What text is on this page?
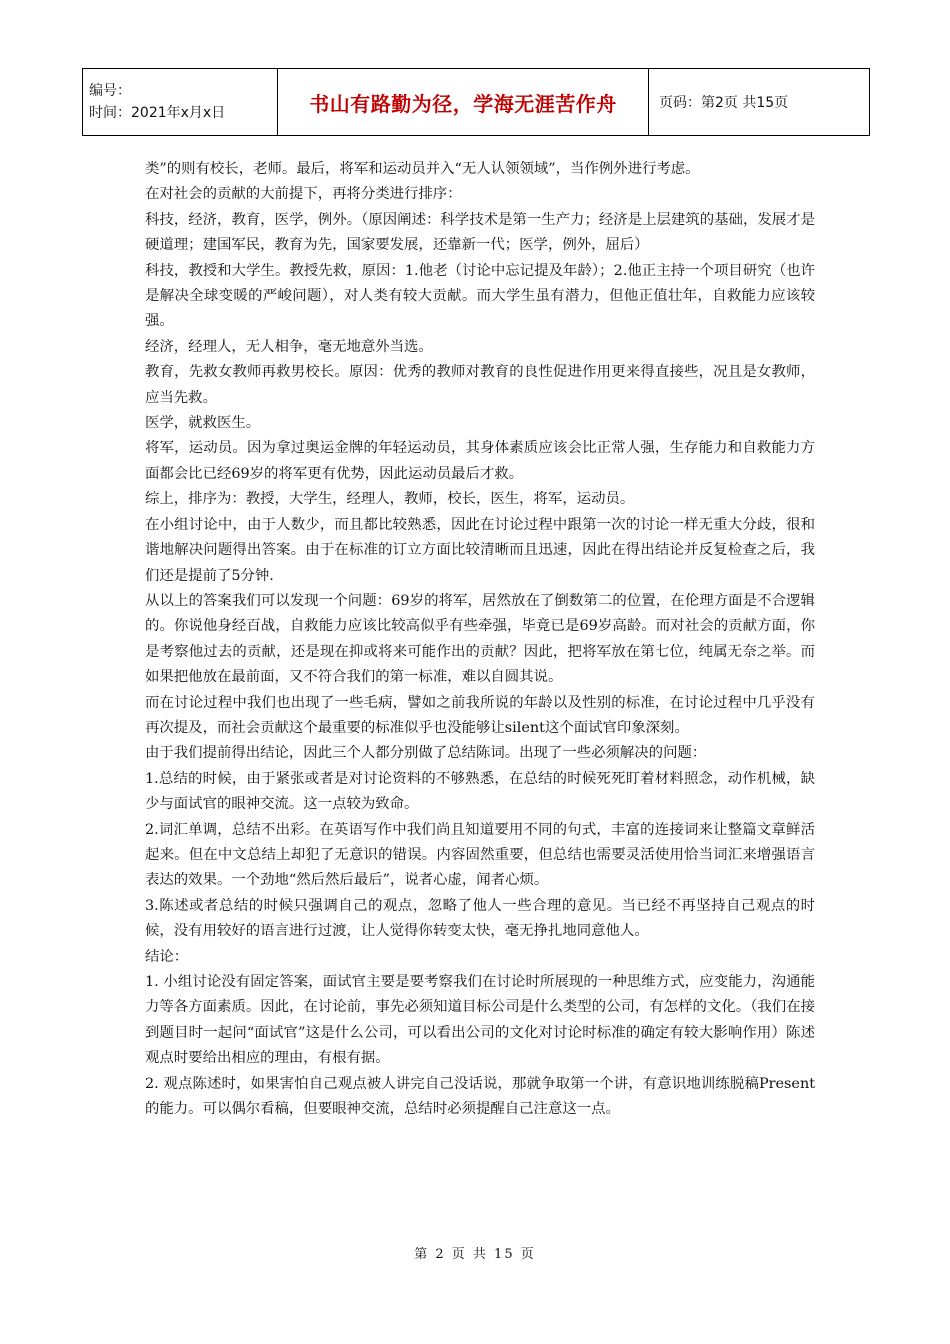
编号：
时间：2021年x月x日	书山有路勤为径，学海无涯苦作舟	页码：第2页 共15页

类”的则有校长，老师。最后，将军和运动员并入“无人认领领域”，当作例外进行考虑。

在对社会的贡献的大前提下，再将分类进行排序：

科技，经济，教育，医学，例外。（原因阐述：科学技术是第一生产力；经济是上层建筑的基础，发展才是硬道理；建国军民，教育为先，国家要发展，还靠新一代；医学，例外，屈后）

科技，教授和大学生。教授先救，原因：1.他老（讨论中忘记提及年龄）；2.他正主持一个项目研究（也许是解决全球变暖的严峻问题），对人类有较大贡献。而大学生虽有潜力，但他正值壮年，自救能力应该较强。

经济，经理人，无人相争，毫无地意外当选。

教育，先救女教师再救男校长。原因：优秀的教师对教育的良性促进作用更来得直接些，况且是女教师，应当先救。

医学，就救医生。

将军，运动员。因为拿过奥运金牌的年轻运动员，其身体素质应该会比正常人强，生存能力和自救能力方面都会比已经69岁的将军更有优势，因此运动员最后才救。

综上，排序为：教授，大学生，经理人，教师，校长，医生，将军，运动员。

在小组讨论中，由于人数少，而且都比较熟悉，因此在讨论过程中跟第一次的讨论一样无重大分歧，很和谐地解决问题得出答案。由于在标准的订立方面比较清晰而且迅速，因此在得出结论并反复检查之后，我们还是提前了5分钟.

从以上的答案我们可以发现一个问题：69岁的将军，居然放在了倒数第二的位置，在伦理方面是不合逻辑的。你说他身经百战，自救能力应该比较高似乎有些牵强，毕竟已是69岁高龄。而对社会的贡献方面，你是考察他过去的贡献，还是现在抑或将来可能作出的贡献？因此，把将军放在第七位，纯属无奈之举。而如果把他放在最前面，又不符合我们的第一标准，难以自圆其说。

而在讨论过程中我们也出现了一些毛病，譬如之前我所说的年龄以及性别的标准，在讨论过程中几乎没有再次提及，而社会贡献这个最重要的标准似乎也没能够让silent这个面试官印象深刻。

由于我们提前得出结论，因此三个人都分别做了总结陈词。出现了一些必须解决的问题：

1.总结的时候，由于紧张或者是对讨论资料的不够熟悉，在总结的时候死死盯着材料照念，动作机械，缺少与面试官的眼神交流。这一点较为致命。

2.词汇单调，总结不出彩。在英语写作中我们尚且知道要用不同的句式，丰富的连接词来让整篇文章鲜活起来。但在中文总结上却犯了无意识的错误。内容固然重要，但总结也需要灵活使用恰当词汇来增强语言表达的效果。一个劲地“然后然后最后”，说者心虚，闻者心烦。

3.陈述或者总结的时候只强调自己的观点，忽略了他人一些合理的意见。当已经不再坚持自己观点的时候，没有用较好的语言进行过渡，让人觉得你转变太快，毫无挣扎地同意他人。

结论：

1. 小组讨论没有固定答案，面试官主要是要考察我们在讨论时所展现的一种思维方式，应变能力，沟通能力等各方面素质。因此，在讨论前，事先必须知道目标公司是什么类型的公司，有怎样的文化。（我们在接到题目时一起问“面试官”这是什么公司，可以看出公司的文化对讨论时标准的确定有较大影响作用）陈述观点时要给出相应的理由，有根有据。

2. 观点陈述时，如果害怕自己观点被人讲完自己没话说，那就争取第一个讲，有意识地训练脱稿Present的能力。可以偶尔看稿，但要眼神交流，总结时必须提醒自己注意这一点。

第 2 页 共 15 页
